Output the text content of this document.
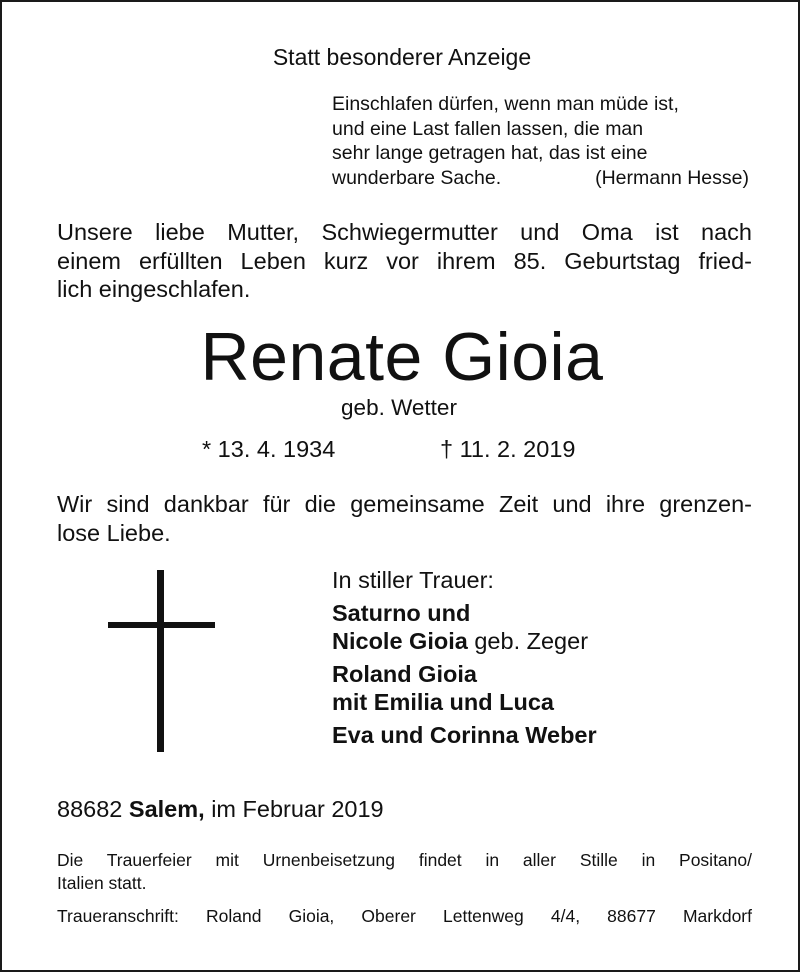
Statt besonderer Anzeige
Einschlafen dürfen, wenn man müde ist,
und eine Last fallen lassen, die man
sehr lange getragen hat, das ist eine
wunderbare Sache.	(Hermann Hesse)
Unsere liebe Mutter, Schwiegermutter und Oma ist nach
einem erfüllten Leben kurz vor ihrem 85. Geburtstag fried-
lich eingeschlafen.
Renate Gioia
geb. Wetter
* 13. 4. 1934	† 11. 2. 2019
Wir sind dankbar für die gemeinsame Zeit und ihre grenzen-
lose Liebe.
In stiller Trauer:
Saturno und
Nicole Gioia geb. Zeger
Roland Gioia
mit Emilia und Luca
Eva und Corinna Weber
88682 Salem, im Februar 2019
Die Trauerfeier mit Urnenbeisetzung findet in aller Stille in Positano/
Italien statt.
Traueranschrift: Roland Gioia, Oberer Lettenweg 4/4, 88677 Markdorf
